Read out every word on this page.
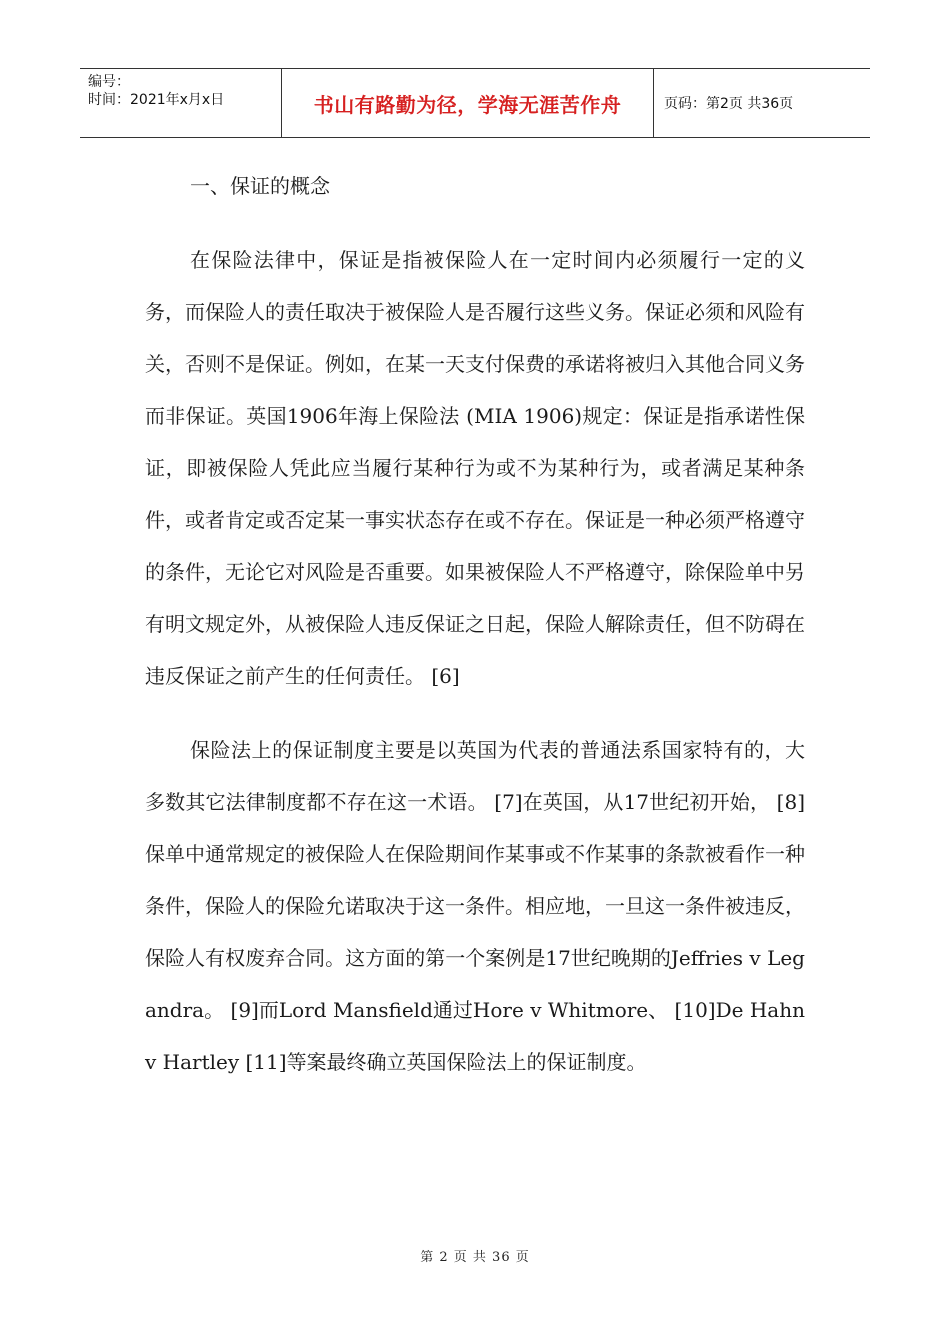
编号：
时间：2021年x月x日	书山有路勤为径，学海无涯苦作舟	页码：第2页 共36页
一、保证的概念

在保险法律中，保证是指被保险人在一定时间内必须履行一定的义务，而保险人的责任取决于被保险人是否履行这些义务。保证必须和风险有关，否则不是保证。例如，在某一天支付保费的承诺将被归入其他合同义务而非保证。英国1906年海上保险法 (MIA 1906)规定：保证是指承诺性保证，即被保险人凭此应当履行某种行为或不为某种行为，或者满足某种条件，或者肯定或否定某一事实状态存在或不存在。保证是一种必须严格遵守的条件，无论它对风险是否重要。如果被保险人不严格遵守，除保险单中另有明文规定外，从被保险人违反保证之日起，保险人解除责任，但不防碍在违反保证之前产生的任何责任。 [6]

保险法上的保证制度主要是以英国为代表的普通法系国家特有的，大多数其它法律制度都不存在这一术语。 [7]在英国，从17世纪初开始， [8]保单中通常规定的被保险人在保险期间作某事或不作某事的条款被看作一种条件，保险人的保险允诺取决于这一条件。相应地，一旦这一条件被违反，保险人有权废弃合同。这方面的第一个案例是17世纪晚期的Jeffries v Legandra。 [9]而Lord Mansfield通过Hore v Whitmore、 [10]De Hahn v Hartley [11]等案最终确立英国保险法上的保证制度。

第 2 页 共 36 页
